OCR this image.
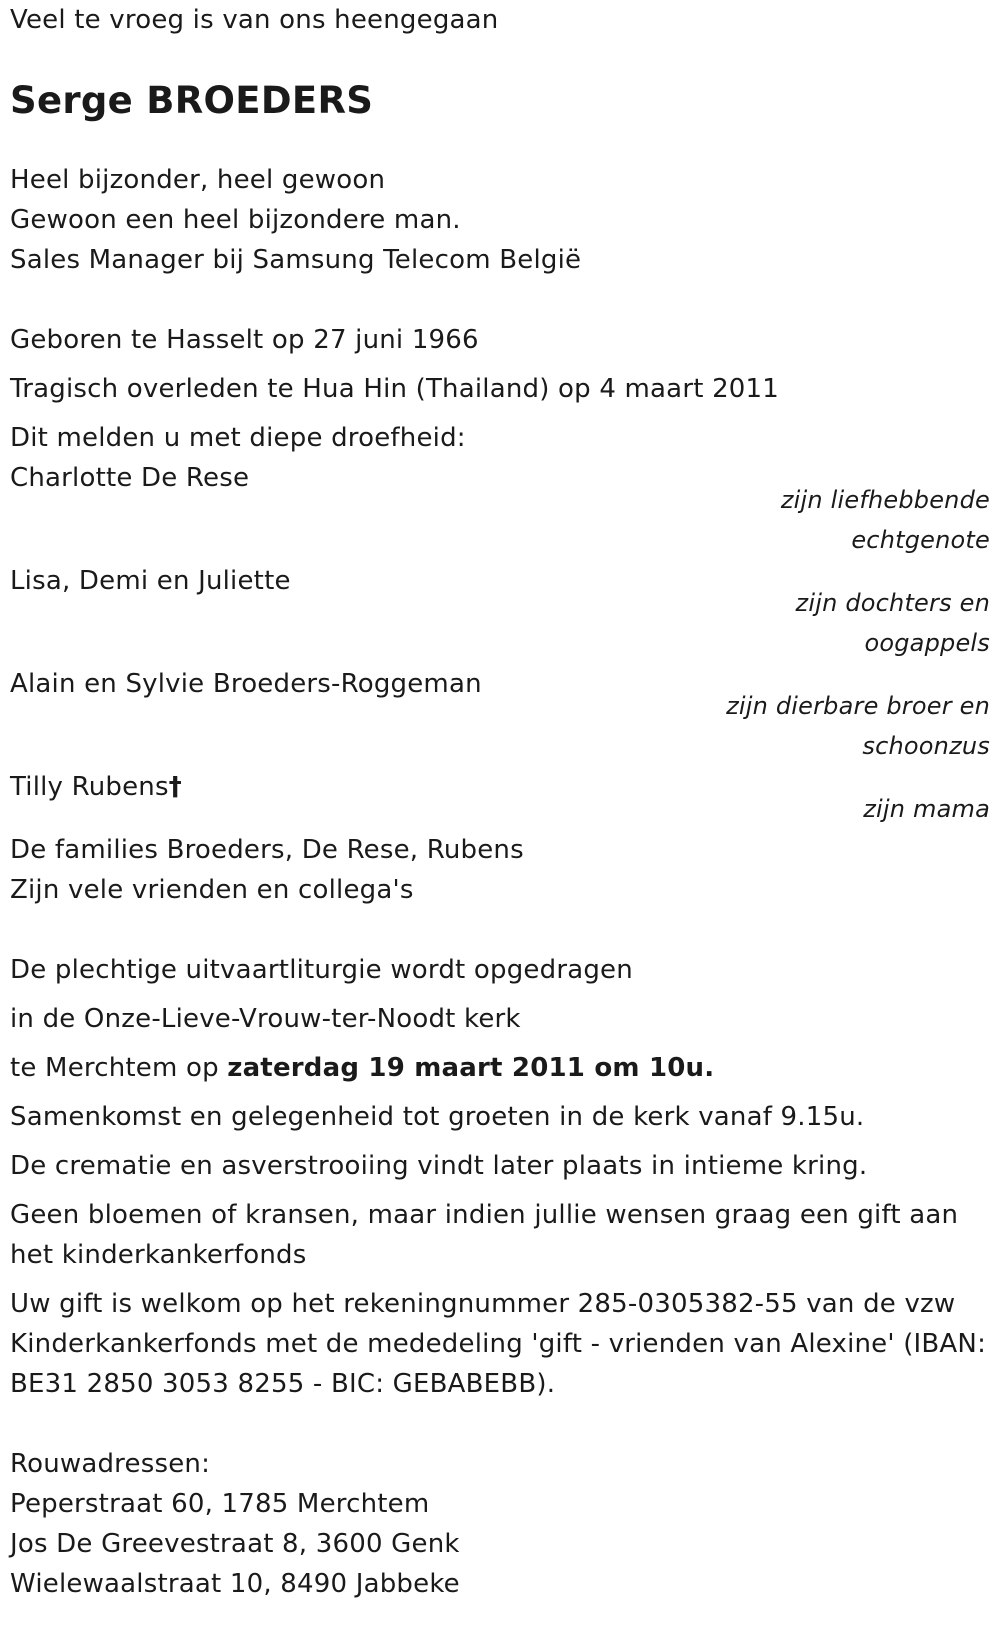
Veel te vroeg is van ons heengegaan
Serge BROEDERS
Heel bijzonder, heel gewoon
Gewoon een heel bijzondere man.
Sales Manager bij Samsung Telecom België
Geboren te Hasselt op 27 juni 1966
Tragisch overleden te Hua Hin (Thailand) op 4 maart 2011
Dit melden u met diepe droefheid:
Charlotte De Rese
zijn liefhebbende echtgenote
Lisa, Demi en Juliette
zijn dochters en oogappels
Alain en Sylvie Broeders-Roggeman
zijn dierbare broer en schoonzus
Tilly Rubens†
zijn mama
De families Broeders, De Rese, Rubens
Zijn vele vrienden en collega's
De plechtige uitvaartliturgie wordt opgedragen
in de Onze-Lieve-Vrouw-ter-Noodt kerk
te Merchtem op zaterdag 19 maart 2011 om 10u.
Samenkomst en gelegenheid tot groeten in de kerk vanaf 9.15u.
De crematie en asverstrooiing vindt later plaats in intieme kring.
Geen bloemen of kransen, maar indien jullie wensen graag een gift aan het kinderkankerfonds
Uw gift is welkom op het rekeningnummer 285-0305382-55 van de vzw Kinderkankerfonds met de mededeling 'gift - vrienden van Alexine' (IBAN: BE31 2850 3053 8255 - BIC: GEBABEBB).
Rouwadressen:
Peperstraat 60, 1785 Merchtem
Jos De Greevestraat 8, 3600 Genk
Wielewaalstraat 10, 8490 Jabbeke
